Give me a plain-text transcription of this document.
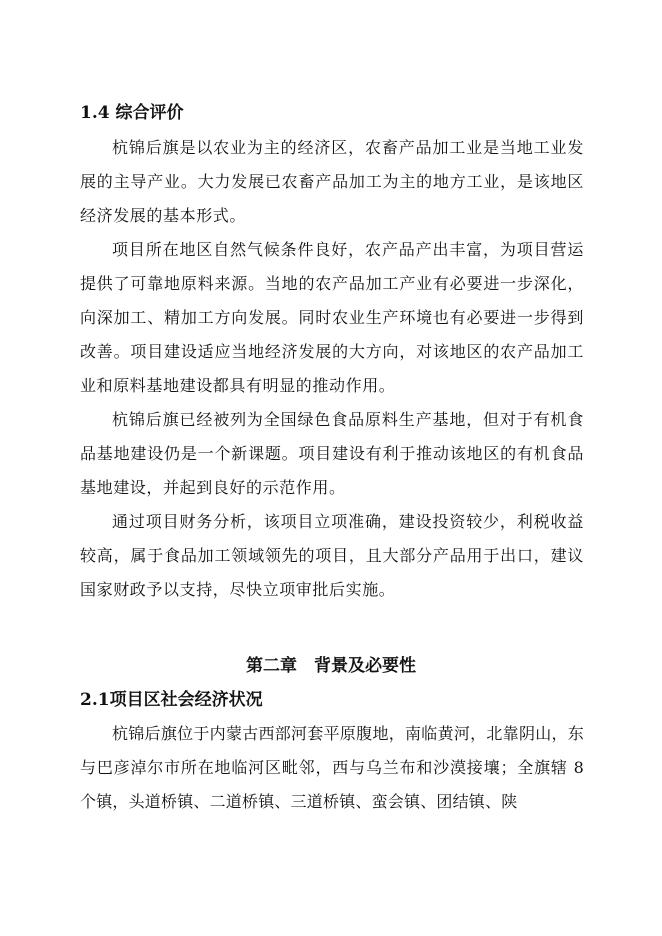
1.4 综合评价
杭锦后旗是以农业为主的经济区，农畜产品加工业是当地工业发展的主导产业。大力发展已农畜产品加工为主的地方工业，是该地区经济发展的基本形式。
项目所在地区自然气候条件良好，农产品产出丰富，为项目营运提供了可靠地原料来源。当地的农产品加工产业有必要进一步深化，向深加工、精加工方向发展。同时农业生产环境也有必要进一步得到改善。项目建设适应当地经济发展的大方向，对该地区的农产品加工业和原料基地建设都具有明显的推动作用。
杭锦后旗已经被列为全国绿色食品原料生产基地，但对于有机食品基地建设仍是一个新课题。项目建设有利于推动该地区的有机食品基地建设，并起到良好的示范作用。
通过项目财务分析，该项目立项准确，建设投资较少，利税收益较高，属于食品加工领域领先的项目，且大部分产品用于出口，建议国家财政予以支持，尽快立项审批后实施。
第二章　背景及必要性
2.1项目区社会经济状况
杭锦后旗位于内蒙古西部河套平原腹地，南临黄河，北靠阴山，东与巴彦淖尔市所在地临河区毗邻，西与乌兰布和沙漠接壤；全旗辖 8 个镇，头道桥镇、二道桥镇、三道桥镇、蛮会镇、团结镇、陕
